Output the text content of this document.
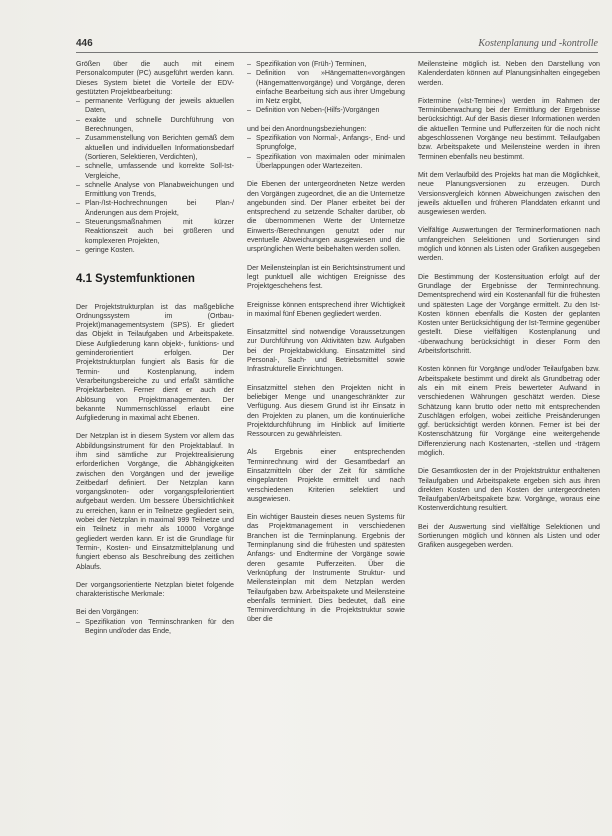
446	Kostenplanung und -kontrolle

Größen über die auch mit einem Personalcomputer (PC) ausgeführt werden kann. Dieses System bietet die Vorteile der EDV-gestützten Projektbearbeitung:

– permanente Verfügung der jeweils aktuellen Daten,
– exakte und schnelle Durchführung von Berechnungen,
– Zusammenstellung von Berichten gemäß dem aktuellen und individuellen Informationsbedarf (Sortieren, Selektieren, Verdichten),
– schnelle, umfassende und korrekte Soll-Ist-Vergleiche,
– schnelle Analyse von Planabweichungen und Ermittlung von Trends,
– Plan-/Ist-Hochrechnungen bei Plan-/Änderungen aus dem Projekt,
– Steuerungsmaßnahmen mit kürzer Reaktionszeit auch bei größeren und komplexeren Projekten,
– geringe Kosten.

4.1 Systemfunktionen

Der Projektstrukturplan ist das maßgebliche Ordnungssystem im (Ortbau-Projekt)managementsystem (SPS). Er gliedert das Objekt in Teilaufgaben und Arbeitspakete. Diese Aufgliederung kann objekt-, funktions- und geminderorientiert erfolgen. Der Projektstrukturplan fungiert als Basis für die Termin- und Kostenplanung, indem Verarbeitungsbereiche zu und erfaßt sämtliche Projektarbeiten. Ferner dient er auch der Ablösung von Projektmanagementen. Der bekannte Nummernschlüssel erlaubt eine Aufgliederung in maximal acht Ebenen.

Der Netzplan ist in diesem System vor allem das Abbildungsinstrument für den Projektablauf. In ihm sind sämtliche zur Projektrealisierung erforderlichen Vorgänge, die Abhängigkeiten zwischen den Vorgängen und der jeweilige Zeitbedarf definiert. Der Netzplan kann vorgangsknoten- oder vorgangspfeilorientiert aufgebaut werden. Um bessere Übersichtlichkeit zu erreichen, kann er in Teilnetze gegliedert sein, wobei der Netzplan in maximal 999 Teilnetze und ein Teilnetz in mehr als 10000 Vorgänge gegliedert werden kann. Er ist die Grundlage für Termin-, Kosten- und Einsatzmittelplanung und fungiert ebenso als Beschreibung des zeitlichen Ablaufs.

Der vorgangsorientierte Netzplan bietet folgende charakteristische Merkmale:

Bei den Vorgängen:

– Spezifikation von Terminschranken für den Beginn und/oder das Ende,
– Spezifikation von (Früh-) Terminen,
– Definition von »Hängematten«vorgängen (Hängemattenvorgänge) und Vorgänge, deren einfache Bearbeitung sich aus ihrer Umgebung im Netz ergibt,
– Definition von Neben-(Hilfs-)Vorgängen

und bei den Anordnungsbeziehungen:

– Spezifikation von Normal-, Anfangs-, End- und Sprungfolge,
– Spezifikation von maximalen oder minimalen Überlappungen oder Wartezeiten.

Die Ebenen der untergeordneten Netze werden den Vorgängen zugeordnet, die an die Unternetze angebunden sind. Der Planer erbeitet bei der entsprechend zu setzende Schalter darüber, ob die übernommenen Werte der Unternetze Einwerts-/Berechnungen genutzt oder nur eventuelle Abweichungen ausgewiesen und die ursprünglichen Werte beibehalten werden sollen.

Der Meilensteinplan ist ein Berichtsinstrument und legt punktuell alle wichtigen Ereignisse des Projektgeschehens fest.

Ereignisse können entsprechend ihrer Wichtigkeit in maximal fünf Ebenen gegliedert werden.

Einsatzmittel sind notwendige Voraussetzungen zur Durchführung von Aktivitäten bzw. Aufgaben bei der Projektabwicklung. Einsatzmittel sind Personal-, Sach- und Betriebsmittel sowie Infrastrukturelle Einrichtungen.

Einsatzmittel stehen den Projekten nicht in beliebiger Menge und unangeschränkter zur Verfügung. Aus diesem Grund ist ihr Einsatz in den Projekten zu planen, um die kontinuierliche Projektdurchführung im Hinblick auf limitierte Ressourcen zu gewährleisten.

Als Ergebnis einer entsprechenden Terminrechnung wird der Gesamtbedarf an Einsatzmitteln über der Zeit für sämtliche eingeplanten Projekte ermittelt und nach verschiedenen Kriterien selektiert und ausgewiesen.

Ein wichtiger Baustein dieses neuen Systems für das Projektmanagement in verschiedenen Branchen ist die Terminplanung. Ergebnis der Terminplanung sind die frühesten und spätesten Anfangs- und Endtermine der Vorgänge sowie deren gesamte Pufferzeiten. Über die Verknüpfung der Instrumente Struktur- und Meilensteinplan mit dem Netzplan werden Teilaufgaben bzw. Arbeitspakete und Meilensteine ebenfalls terminiert. Dies bedeutet, daß eine Terminverdichtung in die Projektstruktur sowie über die

Meilensteine möglich ist. Neben den Darstellung von Kalenderdaten können auf Planungsinhalten eingegeben werden.

Fixtermine (»Ist-Termine«) werden im Rahmen der Terminüberwachung bei der Ermittlung der Ergebnisse berücksichtigt. Auf der Basis dieser Informationen werden die aktuellen Termine und Pufferzeiten für die noch nicht abgeschlossenen Vorgänge neu bestimmt. Teilaufgaben bzw. Arbeitspakete und Meilensteine werden in ihren Terminen ebenfalls neu bestimmt.

Mit dem Verlaufbild des Projekts hat man die Möglichkeit, neue Planungsversionen zu erzeugen. Durch Versionsvergleich können Abweichungen zwischen den jeweils aktuellen und früheren Planddaten erkannt und ausgewiesen werden.

Vielfältige Auswertungen der Terminerformationen nach umfangreichen Selektionen und Sortierungen sind möglich und können als Listen oder Grafiken ausgegeben werden.

Die Bestimmung der Kostensituation erfolgt auf der Grundlage der Ergebnisse der Terminrechnung. Dementsprechend wird ein Kostenanfall für die frühesten und spätesten Lage der Vorgänge ermittelt. Zu den Ist-Kosten können ebenfalls die Kosten der geplanten Kosten unter Berücksichtigung der Ist-Termine gegenüber gestellt. Diese vielfältigen Kostenplanung und -überwachung berücksichtigt in dieser Form den Arbeitsfortschritt.

Kosten können für Vorgänge und/oder Teilaufgaben bzw. Arbeitspakete bestimmt und direkt als Grundbetrag oder als ein mit einem Preis bewerteter Aufwand in verschiedenen Währungen geschätzt werden. Diese Schätzung kann brutto oder netto mit entsprechenden Zuschlägen erfolgen, wobei zeitliche Preisänderungen ggf. berücksichtigt werden können. Ferner ist bei der Kostenschätzung für Vorgänge eine weitergehende Differenzierung nach Kostenarten, -stellen und -trägern möglich.

Die Gesamtkosten der in der Projektstruktur enthaltenen Teilaufgaben und Arbeitspakete ergeben sich aus ihren direkten Kosten und den Kosten der untergeordneten Teilaufgaben/Arbeitspakete bzw. Vorgänge, woraus eine Kostenverdichtung resultiert.

Bei der Auswertung sind vielfältige Selektionen und Sortierungen möglich und können als Listen und oder Grafiken ausgegeben werden.
